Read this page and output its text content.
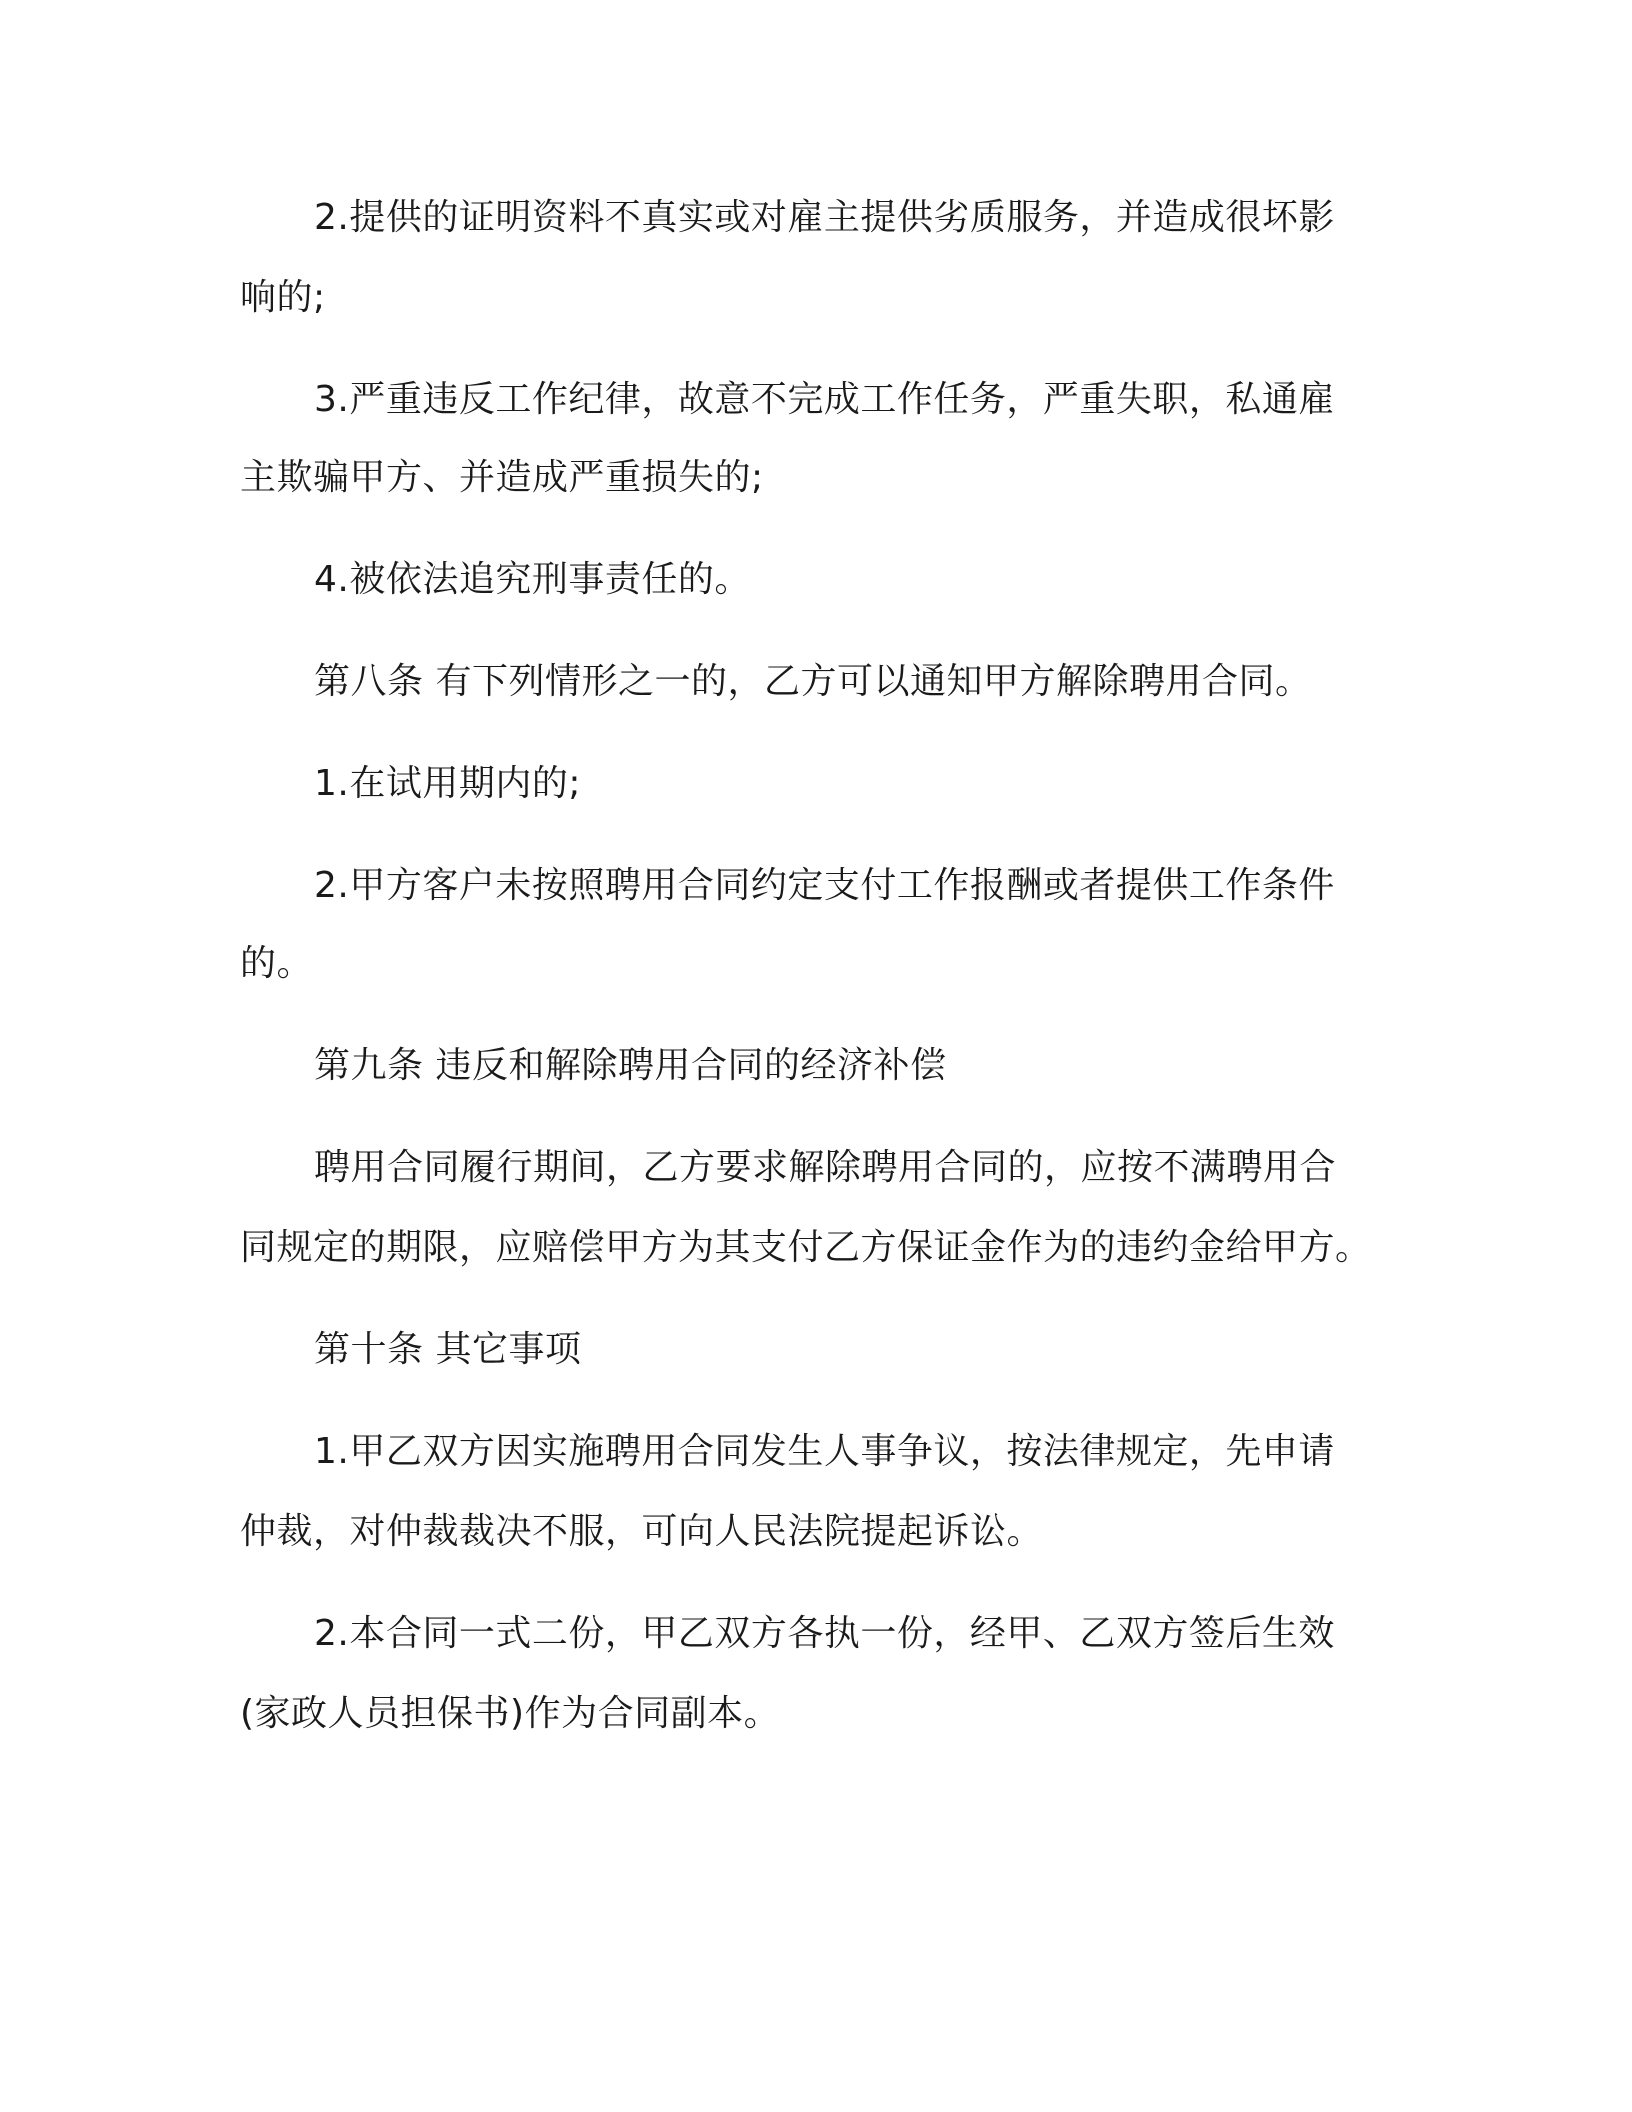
2.提供的证明资料不真实或对雇主提供劣质服务，并造成很坏影
响的;
3.严重违反工作纪律，故意不完成工作任务，严重失职，私通雇
主欺骗甲方、并造成严重损失的;
4.被依法追究刑事责任的。
第八条 有下列情形之一的，乙方可以通知甲方解除聘用合同。
1.在试用期内的;
2.甲方客户未按照聘用合同约定支付工作报酬或者提供工作条件
的。
第九条 违反和解除聘用合同的经济补偿
聘用合同履行期间，乙方要求解除聘用合同的，应按不满聘用合
同规定的期限，应赔偿甲方为其支付乙方保证金作为的违约金给甲方。
第十条 其它事项
1.甲乙双方因实施聘用合同发生人事争议，按法律规定，先申请
仲裁，对仲裁裁决不服，可向人民法院提起诉讼。
2.本合同一式二份，甲乙双方各执一份，经甲、乙双方签后生效
(家政人员担保书)作为合同副本。
